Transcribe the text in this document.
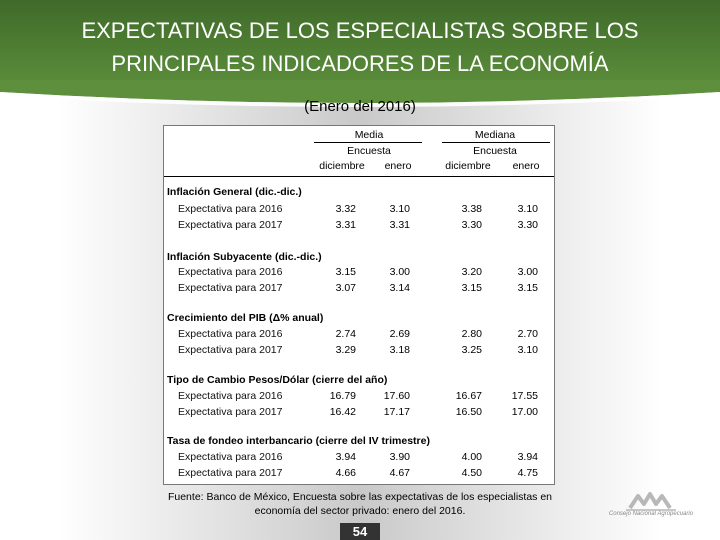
EXPECTATIVAS DE LOS ESPECIALISTAS SOBRE LOS
PRINCIPALES INDICADORES DE LA ECONOMÍA
(Enero del 2016)
Media	Mediana
Encuesta	Encuesta
diciembre	enero	diciembre	enero
Inflación General (dic.-dic.)
Expectativa para 2016	3.32	3.10	3.38	3.10
Expectativa para 2017	3.31	3.31	3.30	3.30
Inflación Subyacente (dic.-dic.)
Expectativa para 2016	3.15	3.00	3.20	3.00
Expectativa para 2017	3.07	3.14	3.15	3.15
Crecimiento del PIB (Δ% anual)
Expectativa para 2016	2.74	2.69	2.80	2.70
Expectativa para 2017	3.29	3.18	3.25	3.10
Tipo de Cambio Pesos/Dólar (cierre del año)
Expectativa para 2016	16.79	17.60	16.67	17.55
Expectativa para 2017	16.42	17.17	16.50	17.00
Tasa de fondeo interbancario (cierre del IV trimestre)
Expectativa para 2016	3.94	3.90	4.00	3.94
Expectativa para 2017	4.66	4.67	4.50	4.75
Fuente: Banco de México, Encuesta sobre las expectativas de los especialistas en
economía del sector privado: enero del 2016.	Consejo Nacional Agropecuario
54
